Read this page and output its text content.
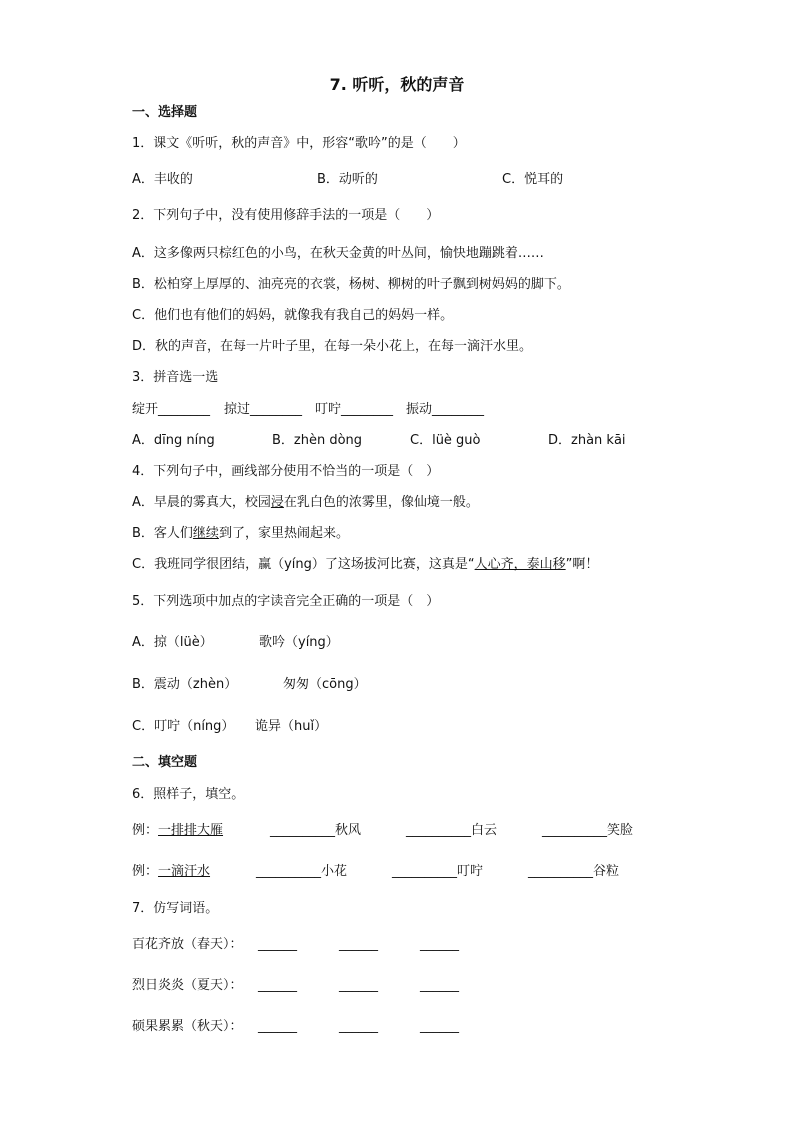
7. 听听，秋的声音
一、选择题
1．课文《听听，秋的声音》中，形容“歌吟”的是（　　）
A．丰收的	B．动听的	C．悦耳的
2．下列句子中，没有使用修辞手法的一项是（　　）
A．这多像两只棕红色的小鸟，在秋天金黄的叶丛间，愉快地蹦跳着……
B．松柏穿上厚厚的、油亮亮的衣裳，杨树、柳树的叶子飘到树妈妈的脚下。
C．他们也有他们的妈妈，就像我有我自己的妈妈一样。
D．秋的声音，在每一片叶子里，在每一朵小花上，在每一滴汗水里。
3．拼音选一选
绽开________ 掠过________ 叮咛________ 振动________
A．dīng níng	B．zhèn dòng	C．lüè guò	D．zhàn kāi
4．下列句子中，画线部分使用不恰当的一项是（　）
A．早晨的雾真大，校园浸在乳白色的浓雾里，像仙境一般。
B．客人们继续到了，家里热闹起来。
C．我班同学很团结，赢（yíng）了这场拔河比赛，这真是“人心齐，泰山移”啊！
5．下列选项中加点的字读音完全正确的一项是（　）
A．掠（lüè）	歌吟（yíng）
B．震动（zhèn）	匆匆（cōng）
C．叮咛（níng） 诡异（huǐ）
二、填空题
6．照样子，填空。
例：一排排大雁	__________秋风	__________白云	__________笑脸
例：一滴汗水	__________小花	__________叮咛	__________谷粒
7．仿写词语。
百花齐放（春天）： ______	______	______
烈日炎炎（夏天）： ______	______	______
硕果累累（秋天）： ______	______	______
